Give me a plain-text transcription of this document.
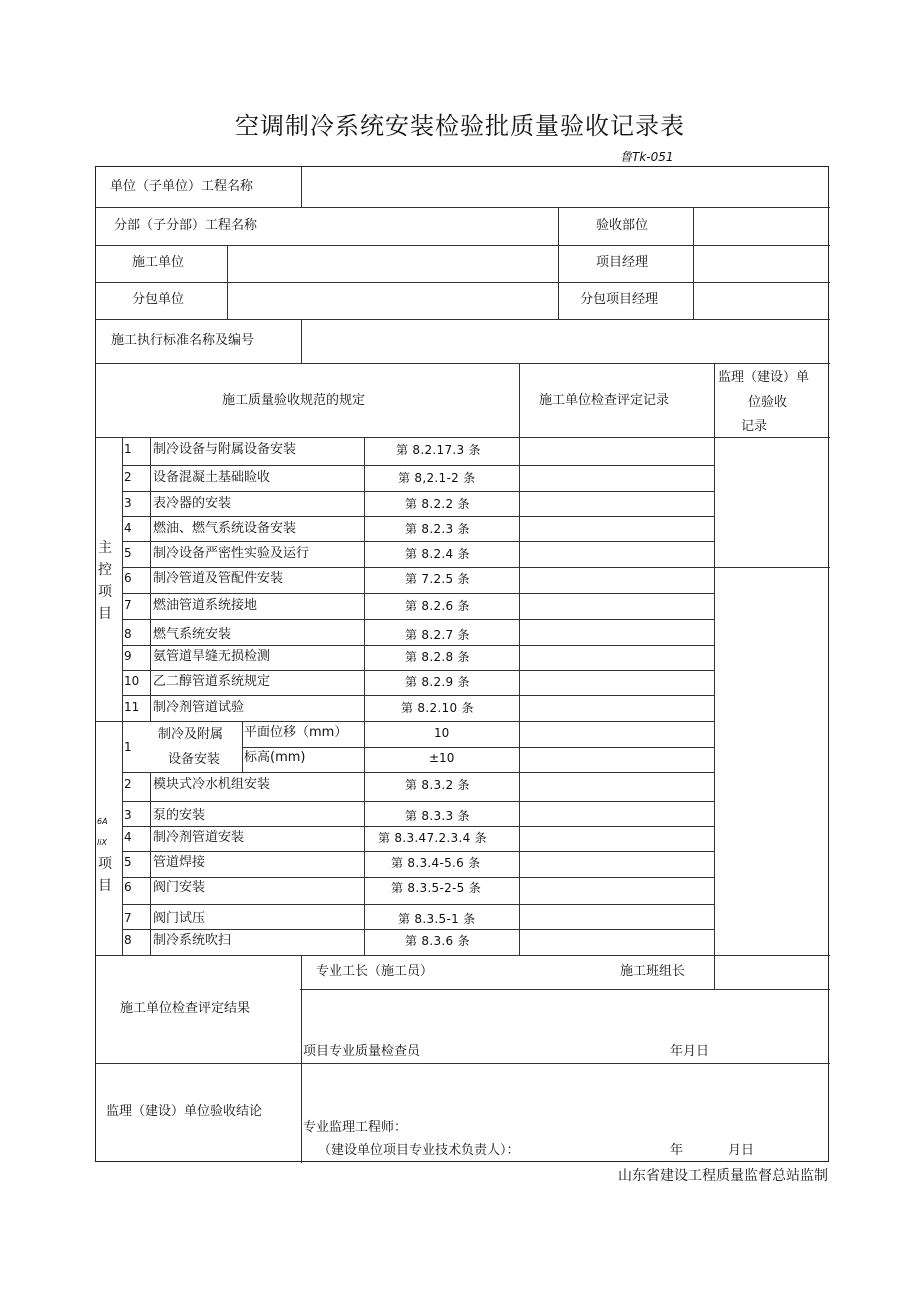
空调制冷系统安装检验批质量验收记录表
鲁Tk-051
单位（子单位）工程名称
分部（子分部）工程名称	验收部位
施工单位	项目经理
分包单位	分包项目经理
施工执行标准名称及编号
施工质量验收规范的规定	施工单位检查评定记录
监理（建设）单
位验收
记录
主
控
项
目
1 制冷设备与附属设备安装	第 8.2.17.3 条
2 设备混凝土基础睑收	第 8,2.1-2 条
3 表冷器的安装	第 8.2.2 条
4 燃油、燃气系统设备安装	第 8.2.3 条
5 制冷设备严密性实验及运行	第 8.2.4 条
6 制冷管道及管配件安装	第 7.2.5 条
7 燃油管道系统接地	第 8.2.6 条
8 燃气系统安装	第 8.2.7 条
9 氨管道旱缝无损检测	第 8.2.8 条
10 乙二醇管道系统规定	第 8.2.9 条
11 制冷剂管道试验	第 8.2.10 条
6A
liX
项
目
1
制冷及附属
设备安装
平面位移（mm）	10
标高(mm)	±10
2 模块式冷水机组安装	第 8.3.2 条
3 泵的安装	第 8.3.3 条
4 制冷剂管道安装	第 8.3.47.2.3.4 条
5 管道焊接	第 8.3.4-5.6 条
6 阀门安装	第 8.3.5-2-5 条
7 阀门试压	第 8.3.5-1 条
8 制冷系统吹扫	第 8.3.6 条
施工单位检查评定结果
专业工长（施工员）	施工班组长
项目专业质量检查员	年月日
监理（建设）单位验收结论
专业监理工程师：
（建设单位项目专业技术负责人）：	年	月日
山东省建设工程质量监督总站监制
